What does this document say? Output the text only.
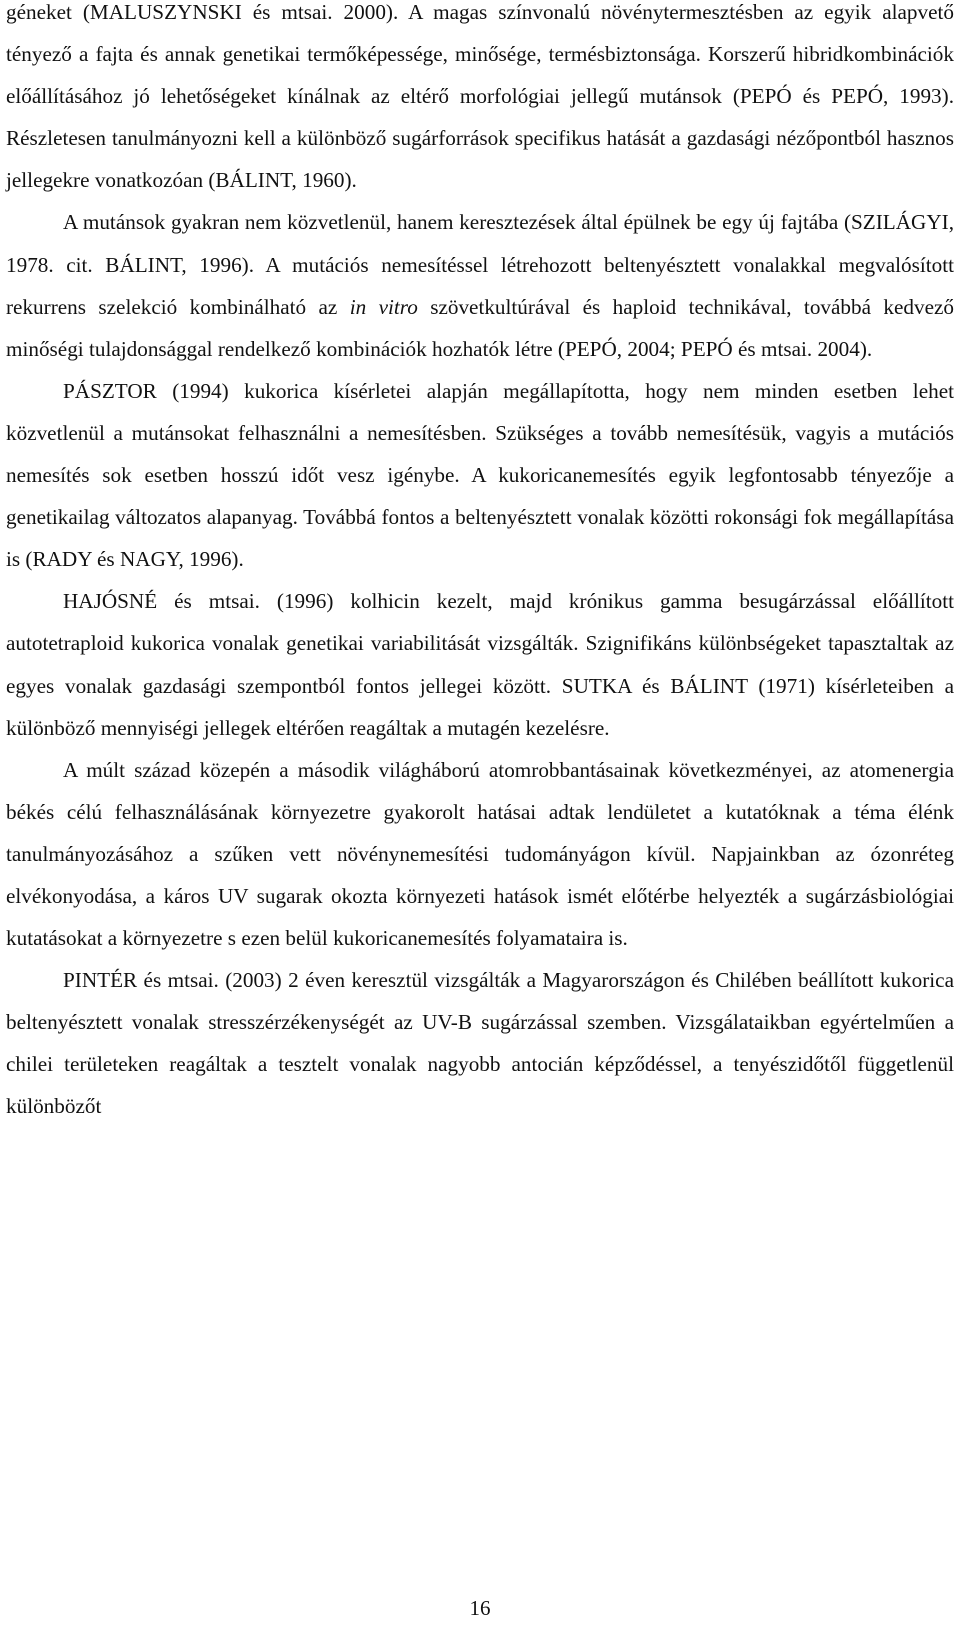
géneket (MALUSZYNSKI és mtsai. 2000). A magas színvonalú növénytermesztésben az egyik alapvető tényező a fajta és annak genetikai termőképessége, minősége, termésbiztonsága. Korszerű hibridkombinációk előállításához jó lehetőségeket kínálnak az eltérő morfológiai jellegű mutánsok (PEPÓ és PEPÓ, 1993). Részletesen tanulmányozni kell a különböző sugárforrások specifikus hatását a gazdasági nézőpontból hasznos jellegekre vonatkozóan (BÁLINT, 1960).

A mutánsok gyakran nem közvetlenül, hanem keresztezések által épülnek be egy új fajtába (SZILÁGYI, 1978. cit. BÁLINT, 1996). A mutációs nemesítéssel létrehozott beltenyésztett vonalakkal megvalósított rekurrens szelekció kombinálható az in vitro szövetkultúrával és haploid technikával, továbbá kedvező minőségi tulajdonsággal rendelkező kombinációk hozhatók létre (PEPÓ, 2004; PEPÓ és mtsai. 2004).

PÁSZTOR (1994) kukorica kísérletei alapján megállapította, hogy nem minden esetben lehet közvetlenül a mutánsokat felhasználni a nemesítésben. Szükséges a tovább nemesítésük, vagyis a mutációs nemesítés sok esetben hosszú időt vesz igénybe. A kukoricanemesítés egyik legfontosabb tényezője a genetikailag változatos alapanyag. Továbbá fontos a beltenyésztett vonalak közötti rokonsági fok megállapítása is (RADY és NAGY, 1996).

HAJÓSNÉ és mtsai. (1996) kolhicin kezelt, majd krónikus gamma besugárzással előállított autotetraploid kukorica vonalak genetikai variabilitását vizsgálták. Szignifikáns különbségeket tapasztaltak az egyes vonalak gazdasági szempontból fontos jellegei között. SUTKA és BÁLINT (1971) kísérleteiben a különböző mennyiségi jellegek eltérően reagáltak a mutagén kezelésre.

A múlt század közepén a második világháború atomrobbantásainak következményei, az atomenergia békés célú felhasználásának környezetre gyakorolt hatásai adtak lendületet a kutatóknak a téma élénk tanulmányozásához a szűken vett növénynemesítési tudományágon kívül. Napjainkban az ózonréteg elvékonyodása, a káros UV sugarak okozta környezeti hatások ismét előtérbe helyezték a sugárzásbiológiai kutatásokat a környezetre s ezen belül kukoricanemesítés folyamataira is.

PINTÉR és mtsai. (2003) 2 éven keresztül vizsgálták a Magyarországon és Chilében beállított kukorica beltenyésztett vonalak stresszérzékenységét az UV-B sugárzással szemben. Vizsgálataikban egyértelműen a chilei területeken reagáltak a tesztelt vonalak nagyobb antocián képződéssel, a tenyészidőtől függetlenül különbözőt

16
